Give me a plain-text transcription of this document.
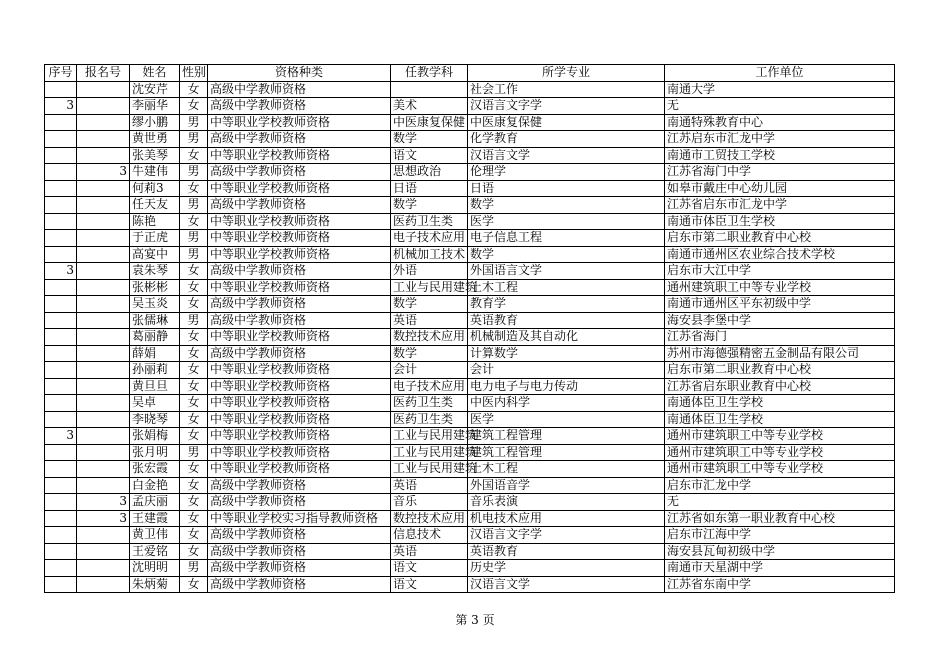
序号	报名号	姓名	性别	资格种类	任教学科	所学专业	工作单位
		沈安芹	女	高级中学教师资格		社会工作	南通大学
3		李丽华	女	高级中学教师资格	美术	汉语言文字学	无
		缪小鹏	男	中等职业学校教师资格	中医康复保健	中医康复保健	南通特殊教育中心
		黄世勇	男	高级中学教师资格	数学	化学教育	江苏启东市汇龙中学
		张美琴	女	中等职业学校教师资格	语文	汉语言文学	南通市工贸技工学校
	3	牛建伟	男	高级中学教师资格	思想政治	伦理学	江苏省海门中学
		何莉3	女	中等职业学校教师资格	日语	日语	如皋市戴庄中心幼儿园
		任天友	男	高级中学教师资格	数学	数学	江苏省启东市汇龙中学
		陈艳	女	中等职业学校教师资格	医药卫生类	医学	南通市体臣卫生学校
		于正虎	男	中等职业学校教师资格	电子技术应用	电子信息工程	启东市第二职业教育中心校
		高宴中	男	中等职业学校教师资格	机械加工技术	数学	南通市通州区农业综合技术学校
3		袁朱琴	女	高级中学教师资格	外语	外国语言文学	启东市大江中学
		张彬彬	女	中等职业学校教师资格	工业与民用建筑	土木工程	通州建筑职工中等专业学校
		吴玉炎	女	高级中学教师资格	数学	教育学	南通市通州区平东初级中学
		张儒琳	男	高级中学教师资格	英语	英语教育	海安县李堡中学
		葛丽静	女	中等职业学校教师资格	数控技术应用	机械制造及其自动化	江苏省海门
		薛娟	女	高级中学教师资格	数学	计算数学	苏州市海德强精密五金制品有限公司
		孙丽莉	女	中等职业学校教师资格	会计	会计	启东市第二职业教育中心校
		黄旦旦	女	中等职业学校教师资格	电子技术应用	电力电子与电力传动	江苏省启东职业教育中心校
		吴卓	女	中等职业学校教师资格	医药卫生类	中医内科学	南通体臣卫生学校
		李晓琴	女	中等职业学校教师资格	医药卫生类	医学	南通体臣卫生学校
3		张娟梅	女	中等职业学校教师资格	工业与民用建筑	建筑工程管理	通州市建筑职工中等专业学校
		张月明	男	中等职业学校教师资格	工业与民用建筑	建筑工程管理	通州市建筑职工中等专业学校
		张宏霞	女	中等职业学校教师资格	工业与民用建筑	土木工程	通州市建筑职工中等专业学校
		白金艳	女	高级中学教师资格	英语	外国语音学	启东市汇龙中学
	3	孟庆丽	女	高级中学教师资格	音乐	音乐表演	无
	3	王建霞	女	中等职业学校实习指导教师资格	数控技术应用	机电技术应用	江苏省如东第一职业教育中心校
		黄卫伟	女	高级中学教师资格	信息技术	汉语言文字学	启东市江海中学
		王爱铭	女	高级中学教师资格	英语	英语教育	海安县瓦甸初级中学
		沈明明	男	高级中学教师资格	语文	历史学	南通市天星湖中学
		朱炳菊	女	高级中学教师资格	语文	汉语言文学	江苏省东南中学
第 3 页
